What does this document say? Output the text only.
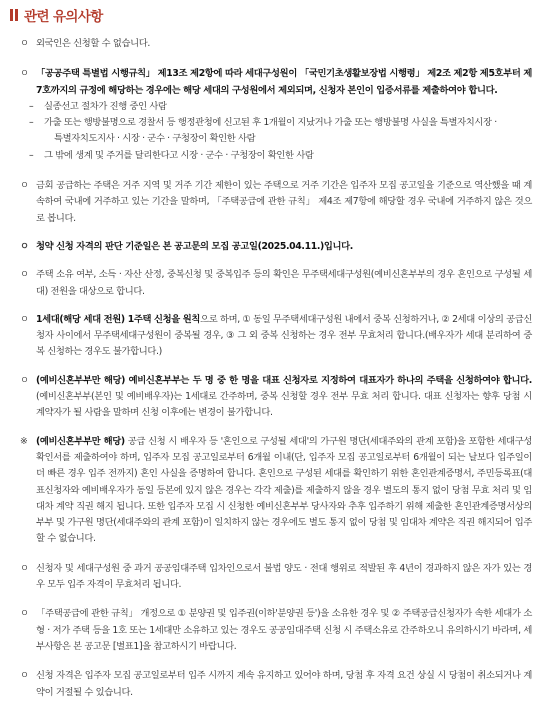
관련 유의사항
ㅇ 외국인은 신청할 수 없습니다.
ㅇ 「공공주택 특별법 시행규칙」 제13조 제2항에 따라 세대구성원이 「국민기초생활보장법 시행령」 제2조 제2항 제5호부터 제7호까지의 규정에 해당하는 경우에는 해당 세대의 구성원에서 제외되며, 신청자 본인이 입증서류를 제출하여야 합니다.
– 실종선고 절차가 진행 중인 사람
– 가출 또는 행방불명으로 경찰서 등 행정관청에 신고된 후 1개월이 지났거나 가출 또는 행방불명 사실을 특별자치시장 ·
특별자치도지사 · 시장 · 군수 · 구청장이 확인한 사람
– 그 밖에 생계 및 주거를 달리한다고 시장 · 군수 · 구청장이 확인한 사람
ㅇ 금회 공급하는 주택은 거주 지역 및 거주 기간 제한이 있는 주택으로 거주 기간은 입주자 모집 공고일을 기준으로 역산했을 때 계속하여 국내에 거주하고 있는 기간을 말하며, 「주택공급에 관한 규칙」 제4조 제7항에 해당할 경우 국내에 거주하지 않은 것으로 봅니다.
ㅇ 청약 신청 자격의 판단 기준일은 본 공고문의 모집 공고일(2025.04.11.)입니다.
ㅇ 주택 소유 여부, 소득 · 자산 산정, 중복신청 및 중복입주 등의 확인은 무주택세대구성원(예비신혼부부의 경우 혼인으로 구성될 세대) 전원을 대상으로 합니다.
ㅇ 1세대(해당 세대 전원) 1주택 신청을 원칙으로 하며, ① 동일 무주택세대구성원 내에서 중복 신청하거나, ② 2세대 이상의 공급신청자 사이에서 무주택세대구성원이 중복될 경우, ③ 그 외 중복 신청하는 경우 전부 무효처리 합니다.(배우자가 세대 분리하여 중복 신청하는 경우도 불가합니다.)
ㅇ (예비신혼부부만 해당) 예비신혼부부는 두 명 중 한 명을 대표 신청자로 지정하여 대표자가 하나의 주택을 신청하여야 합니다. (예비신혼부부(본인 및 예비배우자)는 1세대로 간주하며, 중복 신청할 경우 전부 무효 처리 합니다. 대표 신청자는 향후 당첨 시 계약자가 될 사람을 말하며 신청 이후에는 변경이 불가합니다.
※ (예비신혼부부만 해당) 공급 신청 시 배우자 등 '혼인으로 구성될 세대'의 가구원 명단(세대주와의 관계 포함)을 포함한 세대구성확인서를 제출하여야 하며, 입주자 모집 공고일로부터 6개월 이내(단, 입주자 모집 공고일로부터 6개월이 되는 날보다 입주일이 더 빠른 경우 입주 전까지) 혼인 사실을 증명하여 합니다. 혼인으로 구성된 세대를 확인하기 위한 혼인관계증명서, 주민등록표(대표신청자와 예비배우자가 동일 등본에 있지 않은 경우는 각각 제출)를 제출하지 않을 경우 별도의 통지 없이 당첨 무효 처리 및 임대차 계약 직권 해지 됩니다. 또한 입주자 모집 시 신청한 예비신혼부부 당사자와 추후 입주하기 위해 제출한 혼인관계증명서상의 부부 및 가구원 명단(세대주와의 관계 포함)이 일치하지 않는 경우에도 별도 통지 없이 당첨 및 임대차 계약은 직권 해지되어 입주할 수 없습니다.
ㅇ 신청자 및 세대구성원 중 과거 공공임대주택 입차인으로서 불법 양도 · 전대 행위로 적발된 후 4년이 경과하지 않은 자가 있는 경우 모두 입주 자격이 무효처리 됩니다.
ㅇ 「주택공급에 관한 규칙」 개정으로 ① 분양권 및 입주권(이하'분양권 등')을 소유한 경우 및 ② 주택공급신청자가 속한 세대가 소형 · 저가 주택 등을 1호 또는 1세대만 소유하고 있는 경우도 공공임대주택 신청 시 주택소유로 간주하오니 유의하시기 바라며, 세부사항은 본 공고문 [별표1]을 참고하시기 바랍니다.
ㅇ 신청 자격은 입주자 모집 공고일로부터 입주 시까지 계속 유지하고 있어야 하며, 당첨 후 자격 요건 상실 시 당첨이 취소되거나 계약이 거절될 수 있습니다.
